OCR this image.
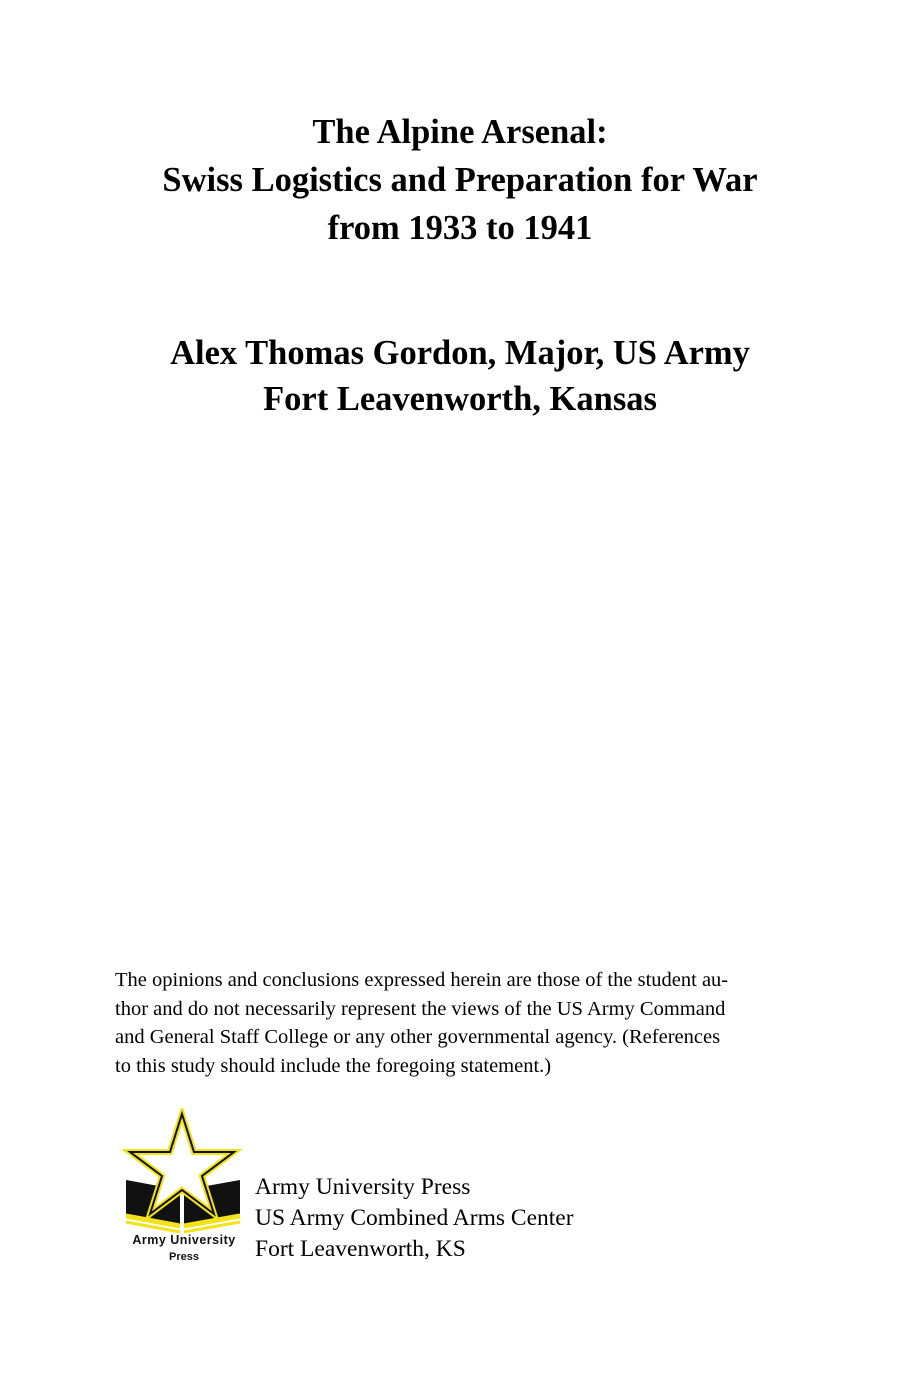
The Alpine Arsenal:
Swiss Logistics and Preparation for War
from 1933 to 1941
Alex Thomas Gordon, Major, US Army
Fort Leavenworth, Kansas
The opinions and conclusions expressed herein are those of the student au-
thor and do not necessarily represent the views of the US Army Command
and General Staff College or any other governmental agency. (References
to this study should include the foregoing statement.)
Army University
Press
Army University Press
US Army Combined Arms Center
Fort Leavenworth, KS
